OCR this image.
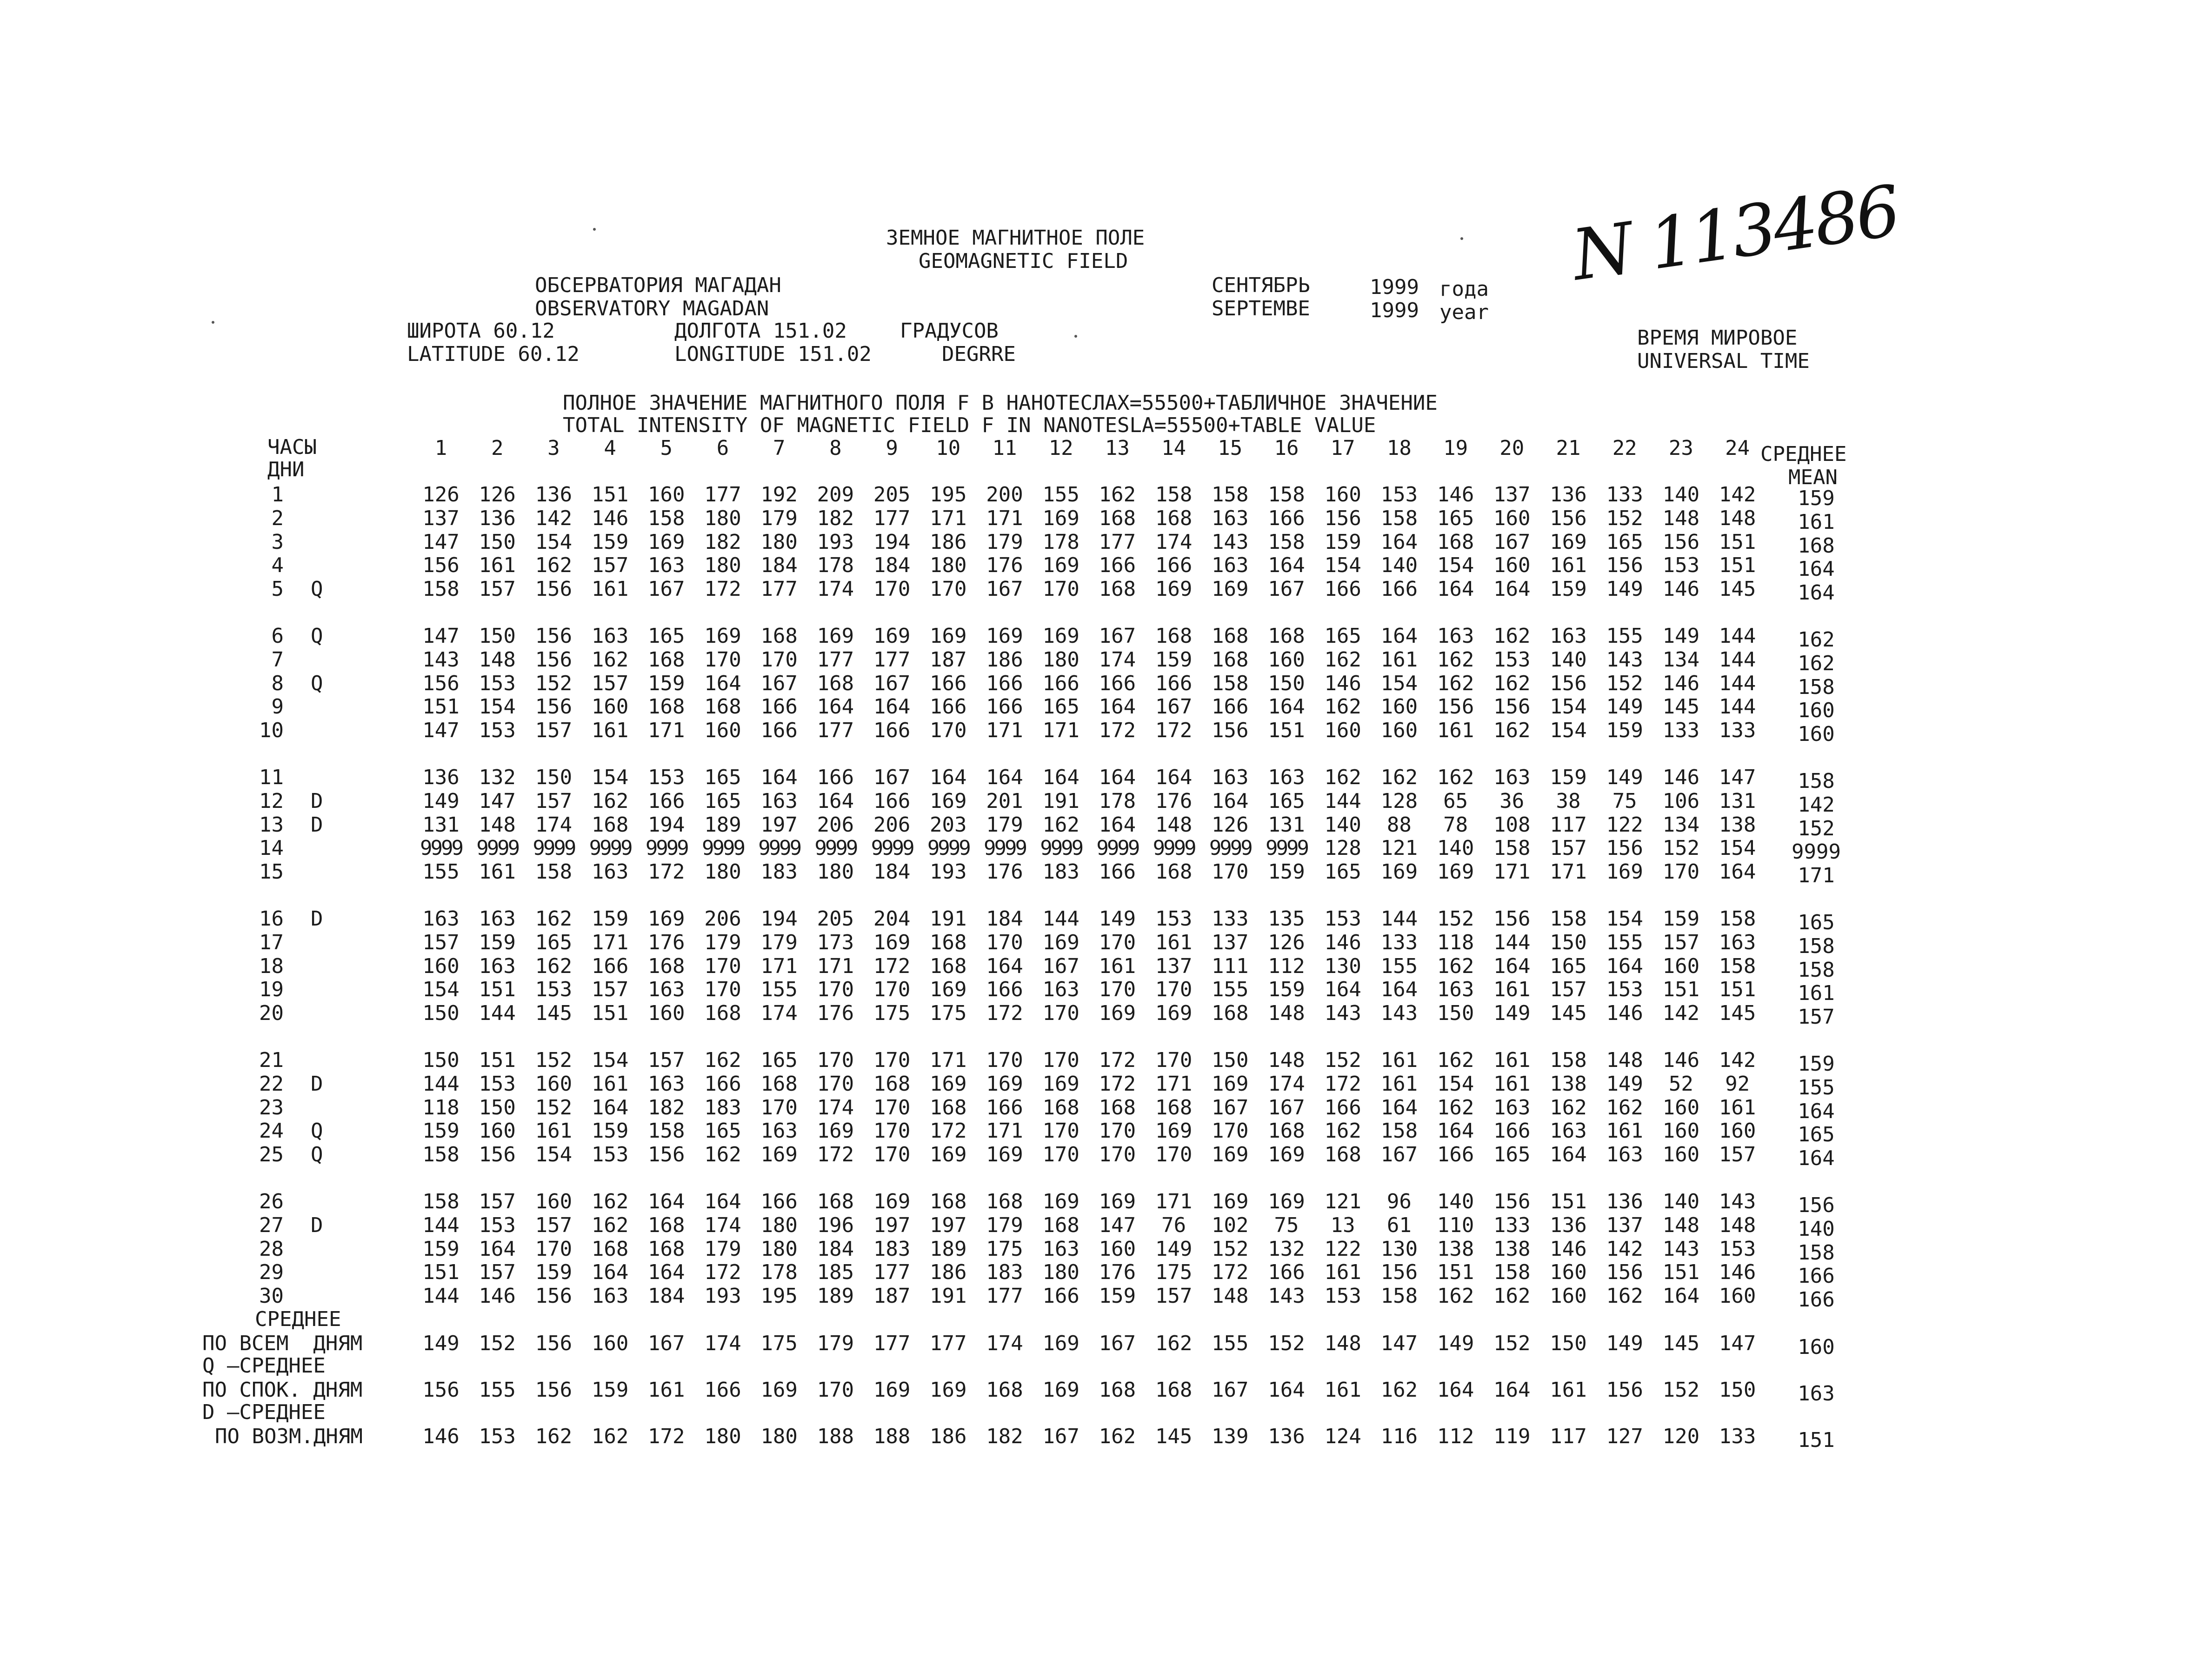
ЗЕМНОЕ МАГНИТНОЕ ПОЛЕ
GEOMAGNETIC FIELD
ОБСЕРВАТОРИЯ МАГАДАН
OBSERVATORY MAGADAN
СЕНТЯБРЬ
SEPTEMBE
1999 года
1999 year
N 113486
ШИРОТА 60.12
LATITUDE 60.12
ДОЛГОТА 151.02
LONGITUDE 151.02
ГРАДУСОВ
DEGRRE
ВРЕМЯ МИРОВОЕ
UNIVERSAL TIME
ПОЛНОЕ ЗНАЧЕНИЕ МАГНИТНОГО ПОЛЯ F В НАНОТЕСЛАХ=55500+ТАБЛИЧНОЕ ЗНАЧЕНИЕ
TOTAL INTENSITY OF MAGNETIC FIELD F IN NANOTESLA=55500+TABLE VALUE
ЧАСЫ
ДНИ
1	2	3	4	5	6	7	8	9	10	11	12	13	14	15	16	17	18	19	20	21	22	23	24 СРЕДНЕЕ
MEAN
1	126 126 136 151 160 177 192 209 205 195 200 155 162 158 158 158 160 153 146 137 136 133 140 142	159
2	137 136 142 146 158 180 179 182 177 171 171 169 168 168 163 166 156 158 165 160 156 152 148 148	161
3	147 150 154 159 169 182 180 193 194 186 179 178 177 174 143 158 159 164 168 167 169 165 156 151	168
4	156 161 162 157 163 180 184 178 184 180 176 169 166 166 163 164 154 140 154 160 161 156 153 151	164
5 Q	158 157 156 161 167 172 177 174 170 170 167 170 168 169 169 167 166 166 164 164 159 149 146 145	164
6 Q	147 150 156 163 165 169 168 169 169 169 169 169 167 168 168 168 165 164 163 162 163 155 149 144	162
7	143 148 156 162 168 170 170 177 177 187 186 180 174 159 168 160 162 161 162 153 140 143 134 144	162
8 Q	156 153 152 157 159 164 167 168 167 166 166 166 166 166 158 150 146 154 162 162 156 152 146 144	158
9	151 154 156 160 168 168 166 164 164 166 166 165 164 167 166 164 162 160 156 156 154 149 145 144	160
10	147 153 157 161 171 160 166 177 166 170 171 171 172 172 156 151 160 160 161 162 154 159 133 133	160
11	136 132 150 154 153 165 164 166 167 164 164 164 164 164 163 163 162 162 162 163 159 149 146 147	158
12 D	149 147 157 162 166 165 163 164 166 169 201 191 178 176 164 165 144 128	65	36	38	75	106 131	142
13 D	131 148 174 168 194 189 197 206 206 203 179 162 164 148 126 131 140	88	78	108 117 122 134 138	152
14	9999 9999 9999 9999 9999 9999 9999 9999 9999 9999 9999 9999 9999 9999 9999 9999 128 121 140 158 157 156 152 154	9999
15	155 161 158 163 172 180 183 180 184 193 176 183 166 168 170 159 165 169 169 171 171 169 170 164	171
16 D	163 163 162 159 169 206 194 205 204 191 184 144 149 153 133 135 153 144 152 156 158 154 159 158	165
17	157 159 165 171 176 179 179 173 169 168 170 169 170 161 137 126 146 133 118 144 150 155 157 163	158
18	160 163 162 166 168 170 171 171 172 168 164 167 161 137 111 112 130 155 162 164 165 164 160 158	158
19	154 151 153 157 163 170 155 170 170 169 166 163 170 170 155 159 164 164 163 161 157 153 151 151	161
20	150 144 145 151 160 168 174 176 175 175 172 170 169 169 168 148 143 143 150 149 145 146 142 145	157
21	150 151 152 154 157 162 165 170 170 171 170 170 172 170 150 148 152 161 162 161 158 148 146 142	159
22 D	144 153 160 161 163 166 168 170 168 169 169 169 172 171 169 174 172 161 154 161 138 149	52	92	155
23	118 150 152 164 182 183 170 174 170 168 166 168 168 168 167 167 166 164 162 163 162 162 160 161	164
24 Q	159 160 161 159 158 165 163 169 170 172 171 170 170 169 170 168 162 158 164 166 163 161 160 160	165
25 Q	158 156 154 153 156 162 169 172 170 169 169 170 170 170 169 169 168 167 166 165 164 163 160 157	164
26	158 157 160 162 164 164 166 168 169 168 168 169 169 171 169 169 121	96	140 156 151 136 140 143	156
27 D	144 153 157 162 168 174 180 196 197 197 179 168 147	76	102	75	13	61	110 133 136 137 148 148	140
28	159 164 170 168 168 179 180 184 183 189 175 163 160 149 152 132 122 130 138 138 146 142 143 153	158
29	151 157 159 164 164 172 178 185 177 186 183 180 176 175 172 166 161 156 151 158 160 156 151 146	166
30	144 146 156 163 184 193 195 189 187 191 177 166 159 157 148 143 153 158 162 162 160 162 164 160	166
СРЕДНЕЕ
ПО ВСЕМ  ДНЯМ	149 152 156 160 167 174 175 179 177 177 174 169 167 162 155 152 148 147 149 152 150 149 145 147	160
Q –СРЕДНЕЕ
ПО СПОК. ДНЯМ	156 155 156 159 161 166 169 170 169 169 168 169 168 168 167 164 161 162 164 164 161 156 152 150	163
D –СРЕДНЕЕ
ПО ВОЗМ.ДНЯМ	146 153 162 162 172 180 180 188 188 186 182 167 162 145 139 136 124 116 112 119 117 127 120 133	151
